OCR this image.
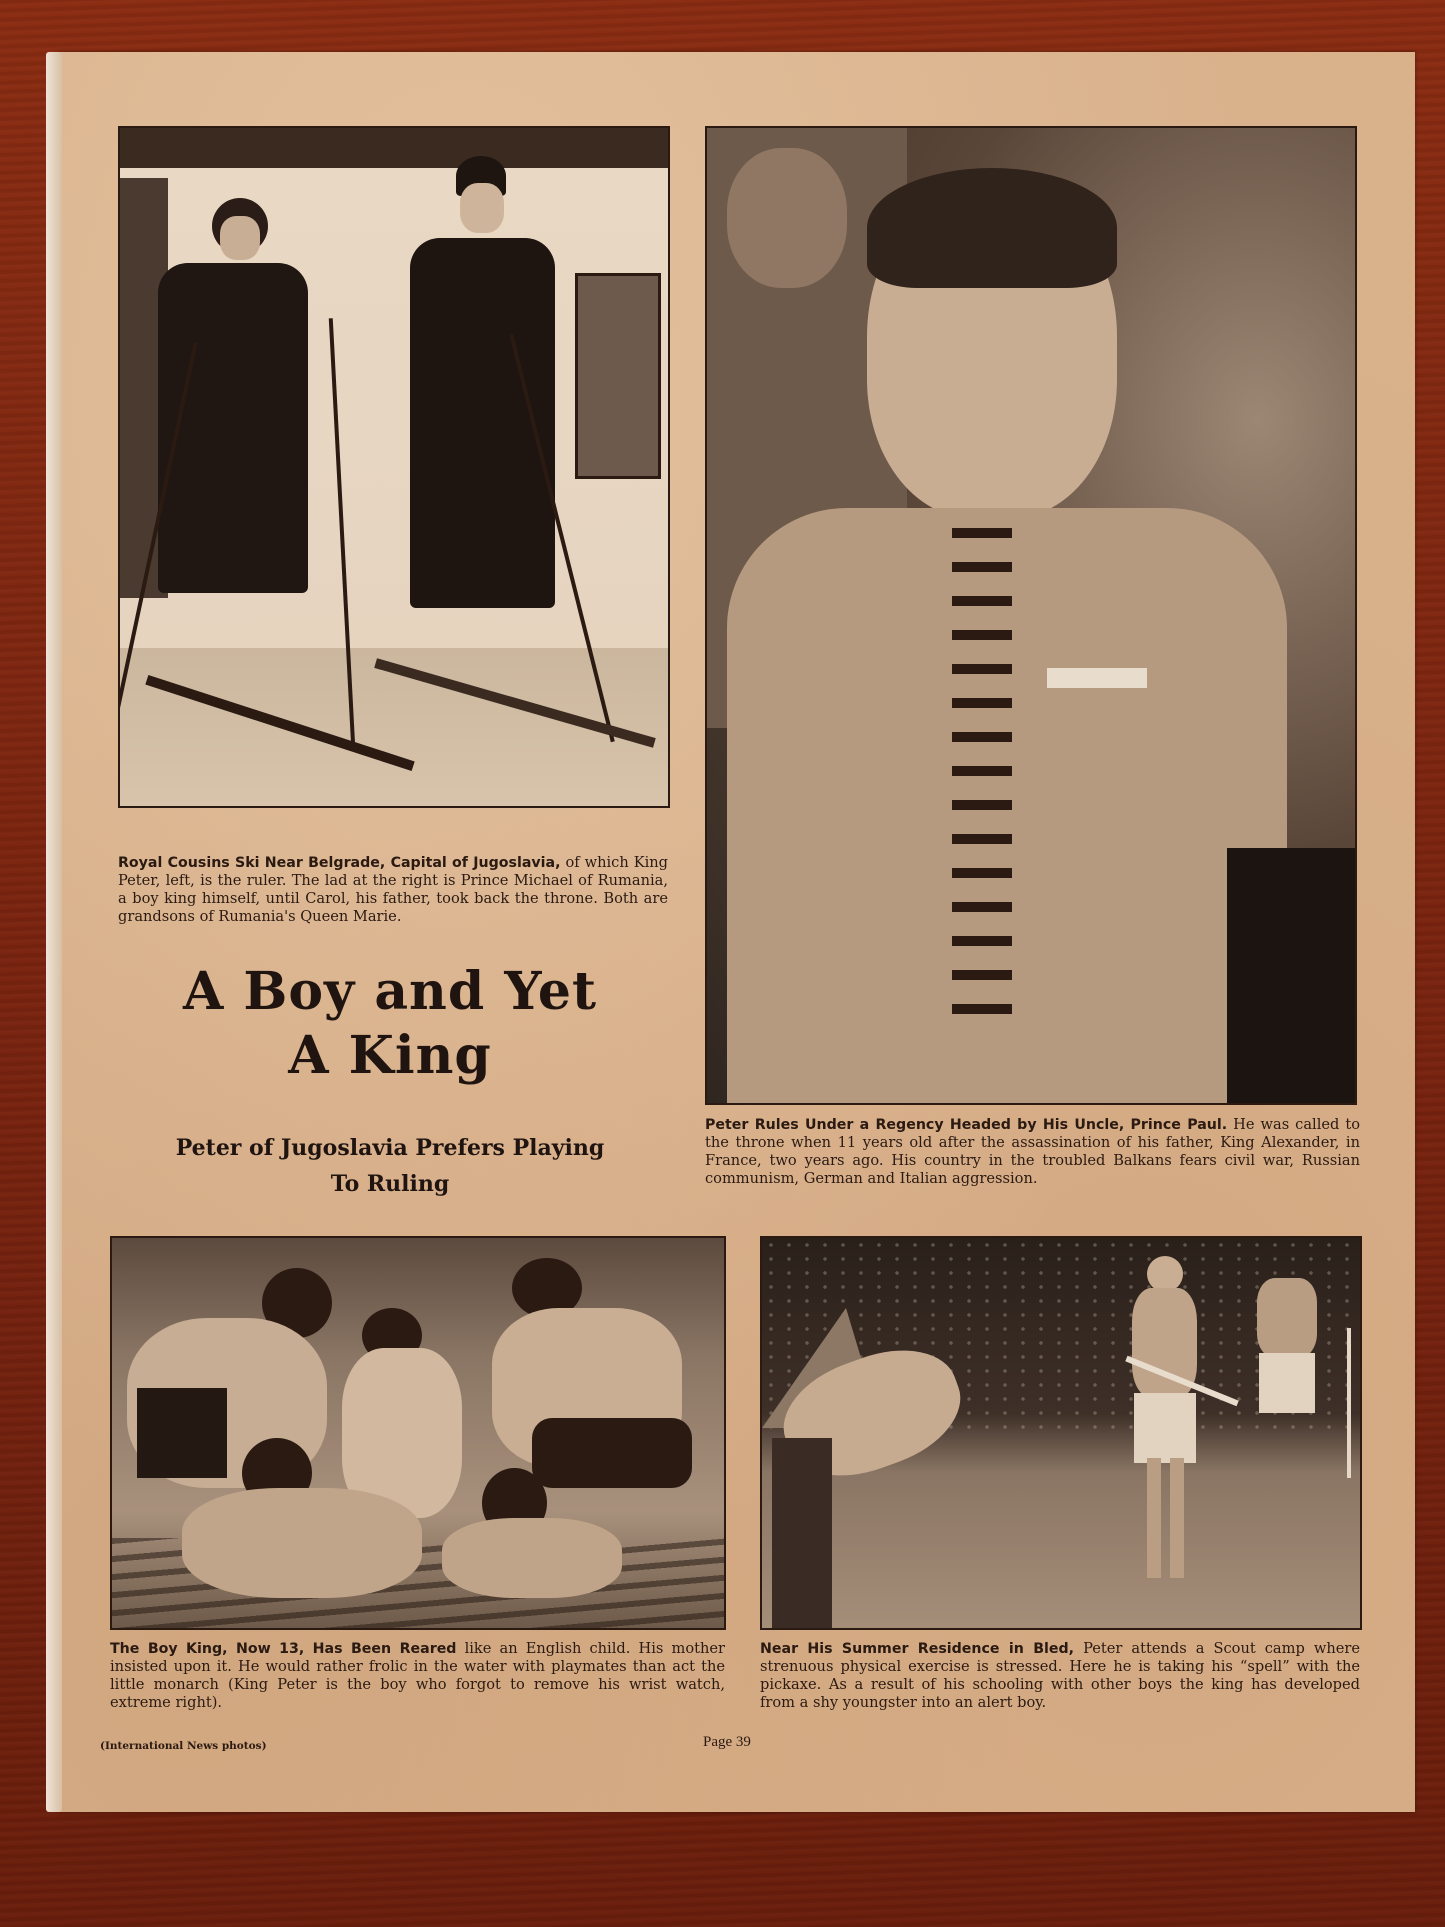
Royal Cousins Ski Near Belgrade, Capital of Jugoslavia, of which King Peter, left, is the ruler. The lad at the right is Prince Michael of Rumania, a boy king himself, until Carol, his father, took back the throne. Both are grandsons of Rumania's Queen Marie.
Peter Rules Under a Regency Headed by His Uncle, Prince Paul. He was called to the throne when 11 years old after the assassination of his father, King Alexander, in France, two years ago. His country in the troubled Balkans fears civil war, Russian communism, German and Italian aggression.
A Boy and Yet
A King
Peter of Jugoslavia Prefers Playing
To Ruling
The Boy King, Now 13, Has Been Reared like an English child. His mother insisted upon it. He would rather frolic in the water with playmates than act the little monarch (King Peter is the boy who forgot to remove his wrist watch, extreme right).
Near His Summer Residence in Bled, Peter attends a Scout camp where strenuous physical exercise is stressed. Here he is taking his “spell” with the pickaxe. As a result of his schooling with other boys the king has developed from a shy youngster into an alert boy.
(International News photos)	Page 39
